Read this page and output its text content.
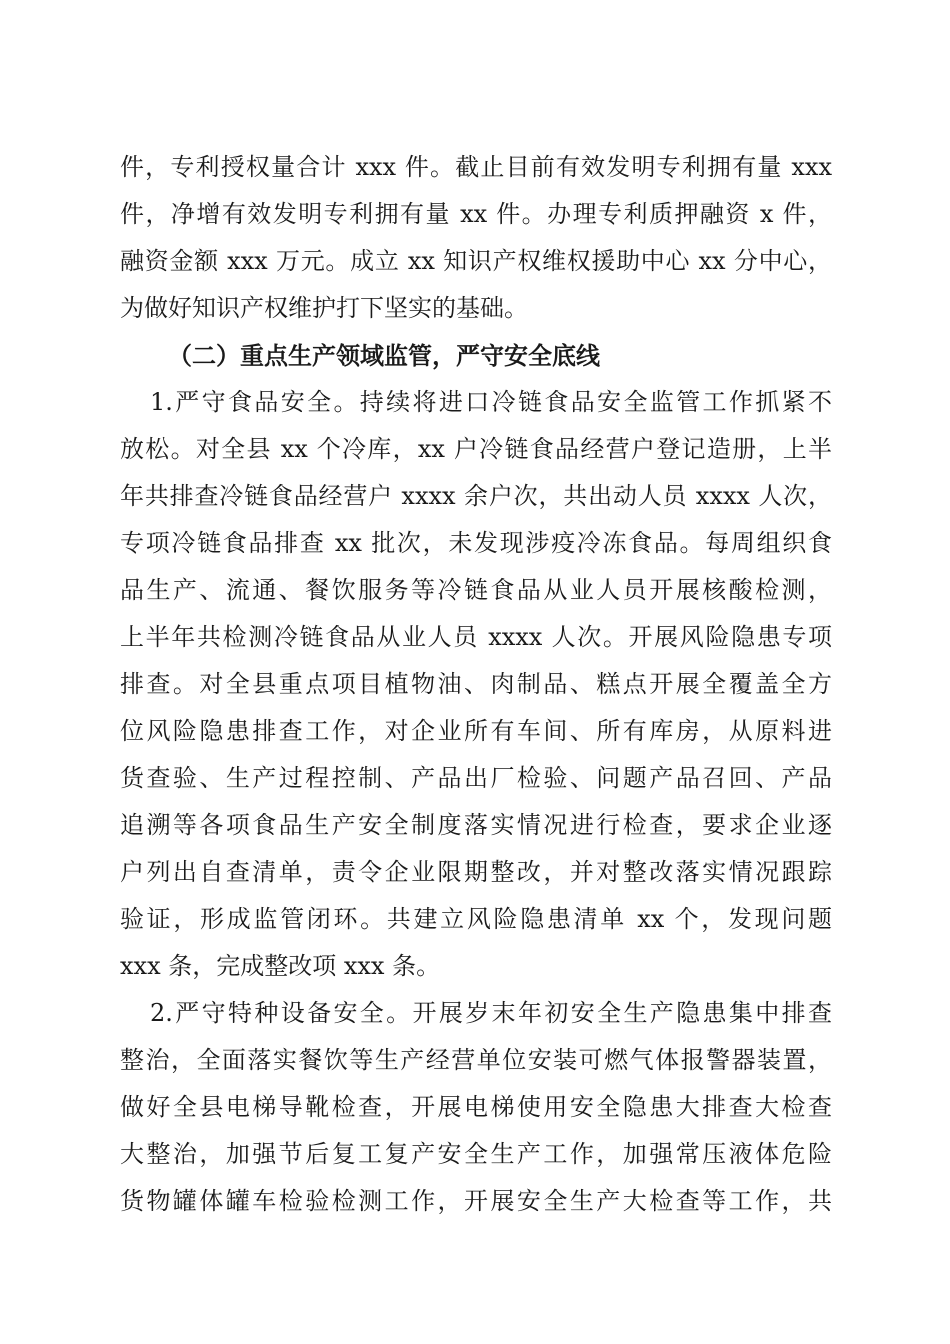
件，专利授权量合计 xxx 件。截止目前有效发明专利拥有量 xxx
件，净增有效发明专利拥有量 xx 件。办理专利质押融资 x 件，
融资金额 xxx 万元。成立 xx 知识产权维权援助中心 xx 分中心，
为做好知识产权维护打下坚实的基础。
（二）重点生产领域监管，严守安全底线
1.严守食品安全。持续将进口冷链食品安全监管工作抓紧不
放松。对全县 xx 个冷库，xx 户冷链食品经营户登记造册，上半
年共排查冷链食品经营户 xxxx 余户次，共出动人员 xxxx 人次，
专项冷链食品排查 xx 批次，未发现涉疫冷冻食品。每周组织食
品生产、流通、餐饮服务等冷链食品从业人员开展核酸检测，
上半年共检测冷链食品从业人员 xxxx 人次。开展风险隐患专项
排查。对全县重点项目植物油、肉制品、糕点开展全覆盖全方
位风险隐患排查工作，对企业所有车间、所有库房，从原料进
货查验、生产过程控制、产品出厂检验、问题产品召回、产品
追溯等各项食品生产安全制度落实情况进行检查，要求企业逐
户列出自查清单，责令企业限期整改，并对整改落实情况跟踪
验证，形成监管闭环。共建立风险隐患清单 xx 个，发现问题
xxx 条，完成整改项 xxx 条。
2.严守特种设备安全。开展岁末年初安全生产隐患集中排查
整治，全面落实餐饮等生产经营单位安装可燃气体报警器装置，
做好全县电梯导靴检查，开展电梯使用安全隐患大排查大检查
大整治，加强节后复工复产安全生产工作，加强常压液体危险
货物罐体罐车检验检测工作，开展安全生产大检查等工作，共
